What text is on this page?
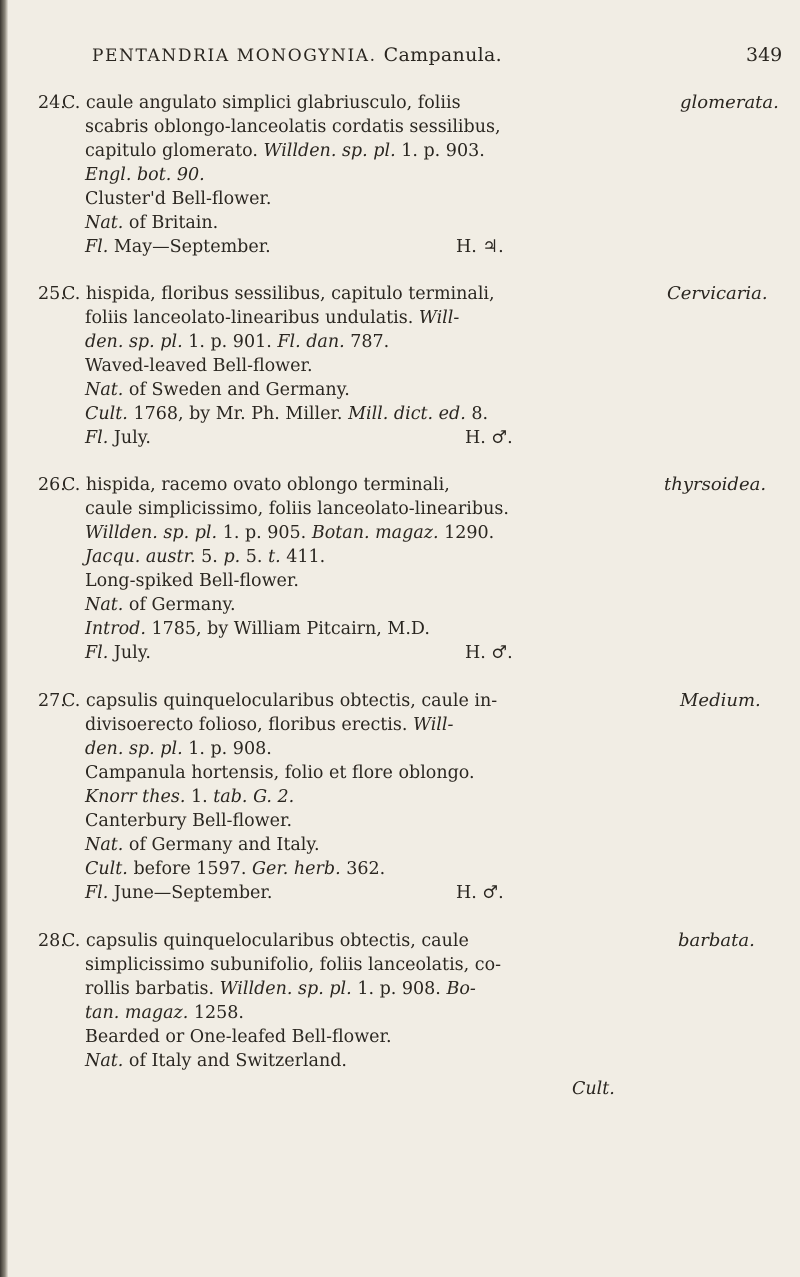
PENTANDRIA MONOGYNIA. Campanula.	349
24.
C. caule angulato simplici glabriusculo, foliis	glomerata.
scabris oblongo-lanceolatis cordatis sessilibus,
capitulo glomerato. Willden. sp. pl. 1. p. 903.
Engl. bot. 90.
Cluster'd Bell-flower.
Nat. of Britain.
Fl. May—September.	H. ♃.
25.
C. hispida, floribus sessilibus, capitulo terminali,	Cervicaria.
foliis lanceolato-linearibus undulatis. Will-
den. sp. pl. 1. p. 901. Fl. dan. 787.
Waved-leaved Bell-flower.
Nat. of Sweden and Germany.
Cult. 1768, by Mr. Ph. Miller. Mill. dict. ed. 8.
Fl. July.	H. ♂.
26.
C. hispida, racemo ovato oblongo terminali,	thyrsoidea.
caule simplicissimo, foliis lanceolato-linearibus.
Willden. sp. pl. 1. p. 905. Botan. magaz. 1290.
Jacqu. austr. 5. p. 5. t. 411.
Long-spiked Bell-flower.
Nat. of Germany.
Introd. 1785, by William Pitcairn, M.D.
Fl. July.	H. ♂.
27.
C. capsulis quinquelocularibus obtectis, caule in-	Medium.
divisoerecto folioso, floribus erectis. Will-
den. sp. pl. 1. p. 908.
Campanula hortensis, folio et flore oblongo.
Knorr thes. 1. tab. G. 2.
Canterbury Bell-flower.
Nat. of Germany and Italy.
Cult. before 1597. Ger. herb. 362.
Fl. June—September.	H. ♂.
28.
C. capsulis quinquelocularibus obtectis, caule	barbata.
simplicissimo subunifolio, foliis lanceolatis, co-
rollis barbatis. Willden. sp. pl. 1. p. 908. Bo-
tan. magaz. 1258.
Bearded or One-leafed Bell-flower.
Nat. of Italy and Switzerland.
Cult.
